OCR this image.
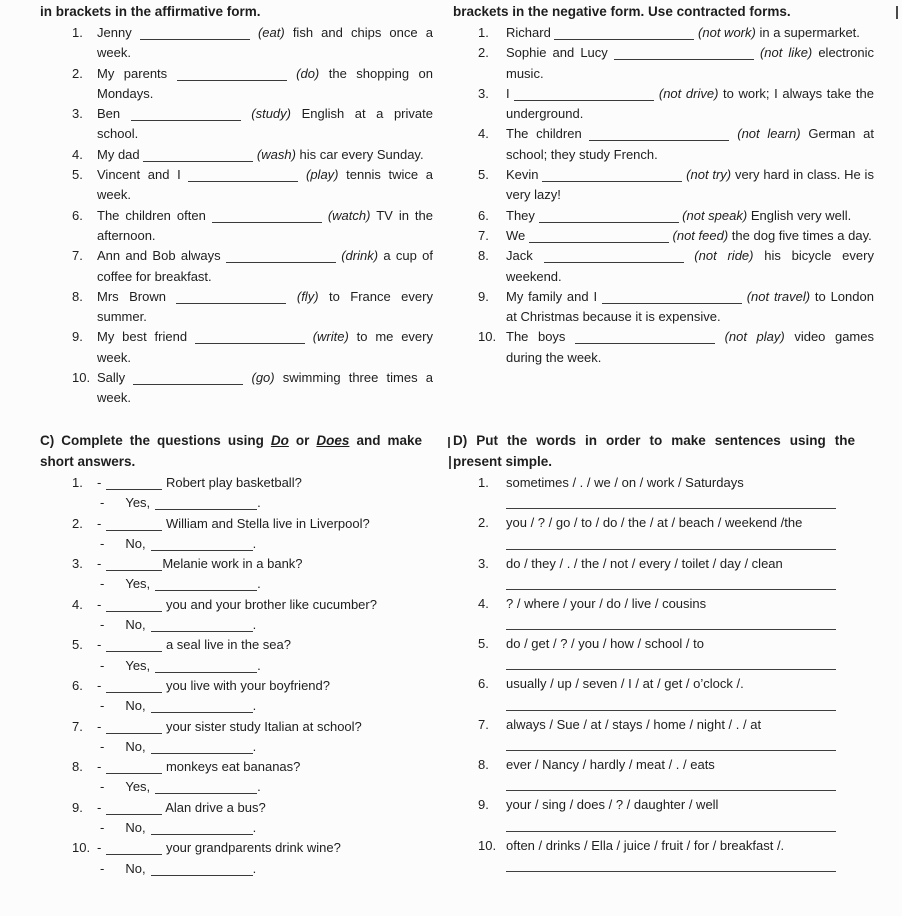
in brackets in the affirmative form.

1.	Jenny	(eat) fish and chips once a week.

2.	My parents	(do) the shopping on Mondays.

3.	Ben	(study) English at a private school.

4.	My dad	(wash) his car every Sunday.

5.	Vincent and I	(play) tennis twice a week.

6.	The children often	(watch) TV in the afternoon.

7.	Ann and Bob always	(drink) a cup of coffee for breakfast.

8.	Mrs Brown	(fly) to France every summer.

9.	My best friend	(write) to me every week.

10. Sally	(go) swimming three times a week.

brackets in the negative form. Use contracted forms.

1.	Richard	(not work) in a supermarket.

2.	Sophie and Lucy	(not like) electronic music.

3.	I	(not drive) to work; I always take the underground.

4.	The children	(not learn) German at school; they study French.

5.	Kevin	(not try) very hard in class. He is very lazy!

6.	They	(not speak) English very well.

7.	We	(not feed) the dog five times a day.

8.	Jack	(not ride) his bicycle every weekend.

9.	My family and I	(not travel) to London at Christmas because it is expensive.

10. The boys	(not play) video games during the week.

C) Complete the questions using Do or Does and make short answers.

1.	-	Robert play basketball?
- Yes,	.
2.	-	William and Stella live in Liverpool?
- No,	.
3.	-	Melanie work in a bank?
- Yes,	.
4.	-	you and your brother like cucumber?
- No,	.
5.	-	a seal live in the sea?
- Yes,	.
6.	-	you live with your boyfriend?
- No,	.
7.	-	your sister study Italian at school?
- No,	.
8.	-	monkeys eat bananas?
- Yes,	.
9.	-	Alan drive a bus?
- No,	.
10. -	your grandparents drink wine?
- No,	.

D) Put the words in order to make sentences using the present simple.

1.	sometimes / . / we / on / work / Saturdays
2.	you / ? / go / to / do / the / at / beach / weekend /the
3.	do / they / . / the / not / every / toilet / day / clean
4.	? / where / your / do / live / cousins
5.	do / get / ? / you / how / school / to
6.	usually / up / seven / I / at / get / o’clock /.
7.	always / Sue / at / stays / home / night / . / at
8.	ever / Nancy / hardly / meat / . / eats
9.	your / sing / does / ? / daughter / well
10. often / drinks / Ella / juice / fruit / for / breakfast /.
